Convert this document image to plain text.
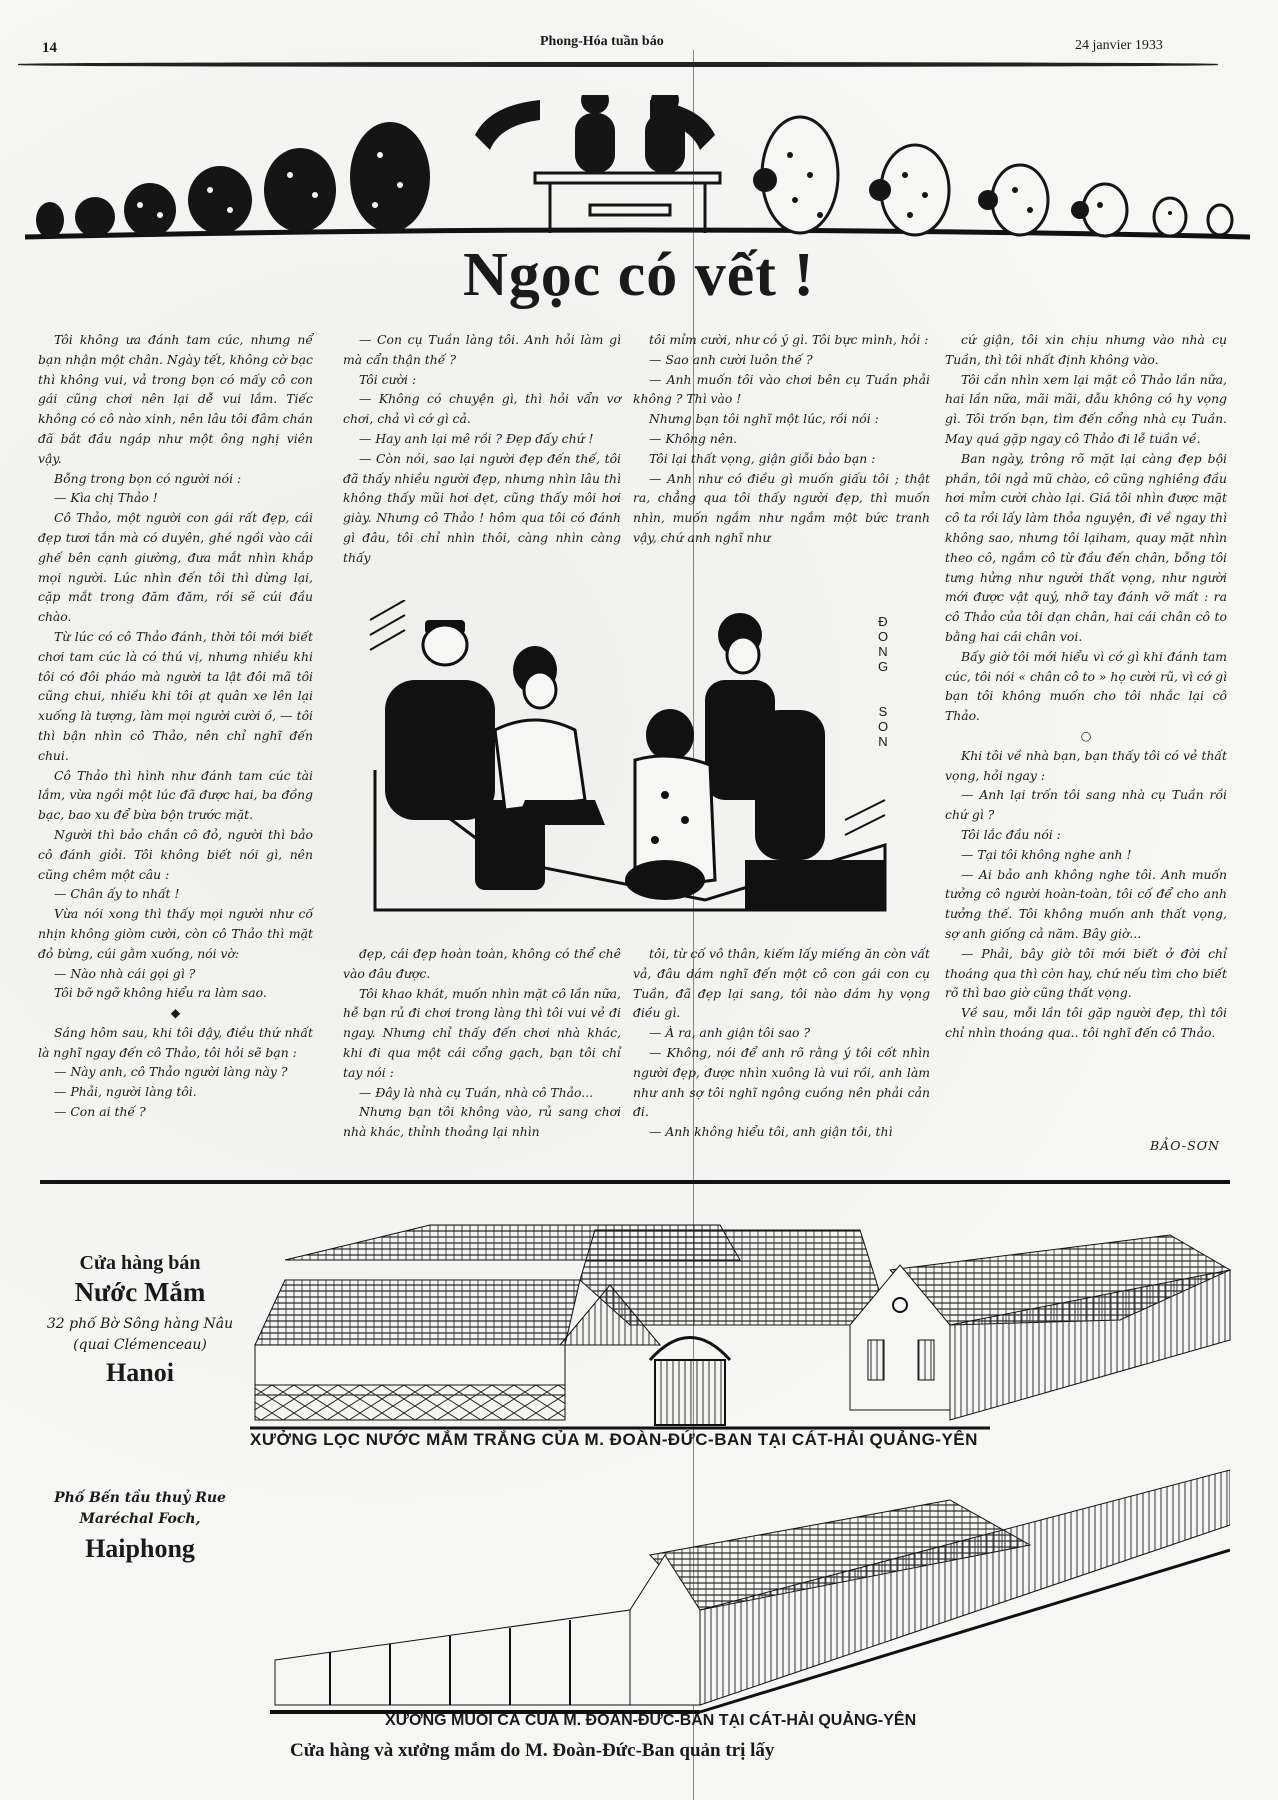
14	Phong-Hóa tuần báo	24 janvier 1933
Ngọc có vết !

Tôi không ưa đánh tam cúc, nhưng nể bạn nhận một chân. Ngày tết, không cờ bạc thì không vui, vả trong bọn có mấy cô con gái cũng chơi nên lại dễ vui lắm. Tiếc không có cô nào xinh, nên lâu tôi đâm chán đã bắt đầu ngáp như một ông nghị viên vậy.

Bỗng trong bọn có người nói :

— Kìa chị Thảo !

Cô Thảo, một người con gái rất đẹp, cái đẹp tươi tắn mà có duyên, ghé ngồi vào cái ghế bên cạnh giường, đưa mắt nhìn khắp mọi người. Lúc nhìn đến tôi thì dừng lại, cặp mắt trong đăm đăm, rồi sẽ cúi đầu chào.

Từ lúc có cô Thảo đánh, thời tôi mới biết chơi tam cúc là có thú vị, nhưng nhiều khi tôi có đôi pháo mà người ta lật đôi mã tôi cũng chui, nhiều khi tôi ạt quân xe lên lại xuống là tượng, làm mọi người cười ồ, — tôi thì bận nhìn cô Thảo, nên chỉ nghĩ đến chui.

Cô Thảo thì hình như đánh tam cúc tài lắm, vừa ngồi một lúc đã được hai, ba đồng bạc, bao xu để bừa bộn trước mặt.

Người thì bảo chắn cô đỏ, người thì bảo cô đánh giỏi. Tôi không biết nói gì, nên cũng chêm một câu :

— Chân ấy to nhất !

Vừa nói xong thì thấy mọi người như cố nhịn không giòm cười, còn cô Thảo thì mặt đỏ bừng, cúi gằm xuống, nói vờ:

— Nào nhà cái gọi gì ?

Tôi bỡ ngỡ không hiểu ra làm sao.

◆

Sáng hôm sau, khi tôi dậy, điều thứ nhất là nghĩ ngay đến cô Thảo, tôi hỏi sẽ bạn :

— Này anh, cô Thảo người làng này ?

— Phải, người làng tôi.

— Con ai thế ?

— Con cụ Tuần làng tôi. Anh hỏi làm gì mà cẩn thận thế ?

Tôi cười :

— Không có chuyện gì, thì hỏi vẩn vơ chơi, chả vì cớ gì cả.

— Hay anh lại mê rồi ? Đẹp đấy chứ !

— Còn nói, sao lại người đẹp đến thế, tôi đã thấy nhiều người đẹp, nhưng nhìn lâu thì không thấy mũi hơi dẹt, cũng thấy môi hơi giày. Nhưng cô Thảo ! hôm qua tôi có đánh gì đâu, tôi chỉ nhìn thôi, càng nhìn càng thấy

tôi mỉm cười, như có ý gì. Tôi bực mình, hỏi :

— Sao anh cười luôn thế ?

— Anh muốn tôi vào chơi bên cụ Tuần phải không ? Thì vào !

Nhưng bạn tôi nghĩ một lúc, rồi nói :

— Không nên.

Tôi lại thất vọng, giận giỗi bảo bạn :

— Anh như có điều gì muốn giấu tôi ; thật ra, chẳng qua tôi thấy người đẹp, thì muốn nhìn, muốn ngắm như ngắm một bức tranh vậy, chứ anh nghĩ như

Đ
O
N
G

S
O
N

đẹp, cái đẹp hoàn toàn, không có thể chê vào đâu được.

Tôi khao khát, muốn nhìn mặt cô lần nữa, hễ bạn rủ đi chơi trong làng thì tôi vui vẻ đi ngay. Nhưng chỉ thấy đến chơi nhà khác, khi đi qua một cái cổng gạch, bạn tôi chỉ tay nói :

— Đây là nhà cụ Tuần, nhà cô Thảo...

Nhưng bạn tôi không vào, rủ sang chơi nhà khác, thỉnh thoảng lại nhìn

tôi, từ cố vô thân, kiếm lấy miếng ăn còn vất vả, đâu dám nghĩ đến một cô con gái con cụ Tuần, đã đẹp lại sang, tôi nào dám hy vọng điều gì.

— À ra, anh giận tôi sao ?

— Không, nói để anh rõ rằng ý tôi cốt nhìn người đẹp, được nhìn xuông là vui rồi, anh làm như anh sợ tôi nghĩ ngông cuồng nên phải cản đi.

— Anh không hiểu tôi, anh giận tôi, thì

cứ giận, tôi xin chịu nhưng vào nhà cụ Tuần, thì tôi nhất định không vào.

Tôi cần nhìn xem lại mặt cô Thảo lần nữa, hai lần nữa, mãi mãi, dẫu không có hy vọng gì. Tôi trốn bạn, tìm đến cổng nhà cụ Tuần. May quá gặp ngay cô Thảo đi lễ tuần về.

Ban ngày, trông rõ mặt lại càng đẹp bội phần, tôi ngả mũ chào, cô cũng nghiêng đầu hơi mỉm cười chào lại. Giá tôi nhìn được mặt cô ta rồi lấy làm thỏa nguyện, đi về ngay thì không sao, nhưng tôi lạiham, quay mặt nhìn theo cô, ngắm cô từ đầu đến chân, bỗng tôi tưng hửng như người thất vọng, như người mới được vật quý, nhỡ tay đánh vỡ mất : ra cô Thảo của tôi dạn chân, hai cái chân cô to bằng hai cái chân voi.

Bấy giờ tôi mới hiểu vì cớ gì khi đánh tam cúc, tôi nói « chân cô to » họ cười rũ, vì cớ gì bạn tôi không muốn cho tôi nhắc lại cô Thảo.

○

Khi tôi về nhà bạn, bạn thấy tôi có vẻ thất vọng, hỏi ngay :

— Anh lại trốn tôi sang nhà cụ Tuần rồi chứ gì ?

Tôi lắc đầu nói :

— Tại tôi không nghe anh !

— Ai bảo anh không nghe tôi. Anh muốn tưởng cô người hoàn-toàn, tôi cố để cho anh tưởng thế. Tôi không muốn anh thất vọng, sợ anh giống cả năm. Bây giờ...

— Phải, bây giờ tôi mới biết ở đời chỉ thoáng qua thì còn hay, chứ nếu tìm cho biết rõ thì bao giờ cũng thất vọng.

Về sau, mỗi lần tôi gặp người đẹp, thì tôi chỉ nhìn thoáng qua.. tôi nghĩ đến cô Thảo.

BẢO-SƠN
Cửa hàng bán
Nước Mắm
32 phố Bờ Sông hàng Nâu (quai Clémenceau)
Hanoi
Phố Bến tầu thuỷ Rue Maréchal Foch,
Haiphong
XƯỞNG LỌC NƯỚC MẮM TRẮNG CỦA M. ĐOÀN-ĐỨC-BAN TẠI CÁT-HẢI QUẢNG-YÊN
XƯỞNG MUỐI CÁ CỦA M. ĐOÀN-ĐỨC-BAN TẠI CÁT-HẢI QUẢNG-YÊN
Cửa hàng và xưởng mắm do M. Đoàn-Đức-Ban quản trị lấy
